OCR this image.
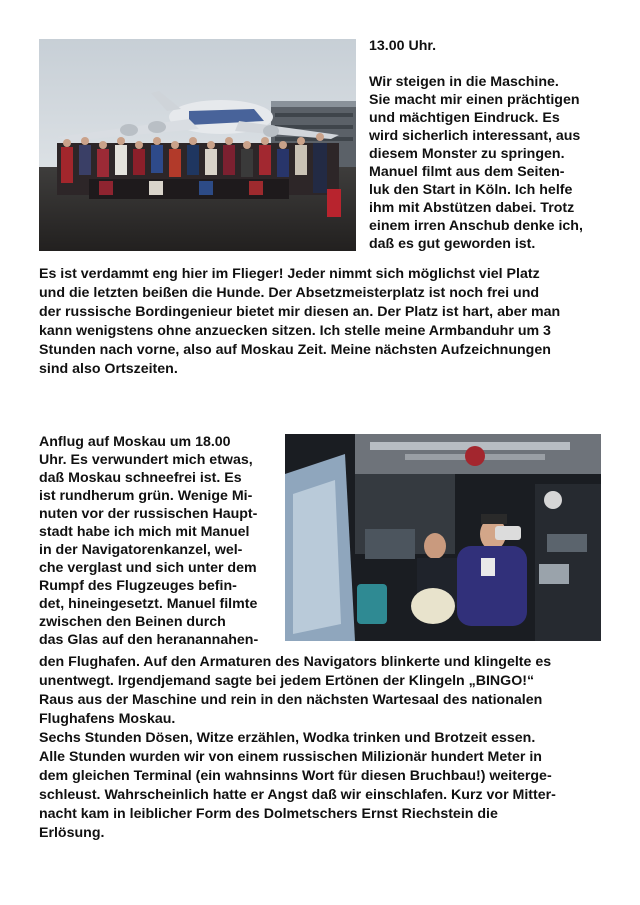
13.00 Uhr.
Wir steigen in die Maschine.
Sie macht mir einen prächtigen
und mächtigen Eindruck. Es
wird sicherlich interessant, aus
diesem Monster zu springen.
Manuel filmt aus dem Seiten-
luk den Start in Köln. Ich helfe
ihm mit Abstützen dabei. Trotz
einem irren Anschub denke ich,
daß es gut geworden ist.
Es ist verdammt eng hier im Flieger! Jeder nimmt sich möglichst viel Platz
und die letzten beißen die Hunde. Der Absetzmeisterplatz ist noch frei und
der russische Bordingenieur bietet mir diesen an. Der Platz ist hart, aber man
kann wenigstens ohne anzuecken sitzen. Ich stelle meine Armbanduhr um 3
Stunden nach vorne, also auf Moskau Zeit. Meine nächsten Aufzeichnungen
sind also Ortszeiten.
Anflug auf Moskau um 18.00
Uhr. Es verwundert mich etwas,
daß Moskau schneefrei ist. Es
ist rundherum grün. Wenige Mi-
nuten vor der russischen Haupt-
stadt habe ich mich mit Manuel
in der Navigatorenkanzel, wel-
che verglast und sich unter dem
Rumpf des Flugzeuges befin-
det, hineingesetzt. Manuel filmte
zwischen den Beinen durch
das Glas auf den heranannahen-
den Flughafen. Auf den Armaturen des Navigators blinkerte und klingelte es
unentwegt. Irgendjemand sagte bei jedem Ertönen der Klingeln „BINGO!“
Raus aus der Maschine und rein in den nächsten Wartesaal des nationalen
Flughafens Moskau.
Sechs Stunden Dösen, Witze erzählen, Wodka trinken und Brotzeit essen.
Alle Stunden wurden wir von einem russischen Milizionär hundert Meter in
dem gleichen Terminal (ein wahnsinns Wort für diesen Bruchbau!) weiterge-
schleust. Wahrscheinlich hatte er Angst daß wir einschlafen. Kurz vor Mitter-
nacht kam in leiblicher Form des Dolmetschers Ernst Riechstein die
Erlösung.
